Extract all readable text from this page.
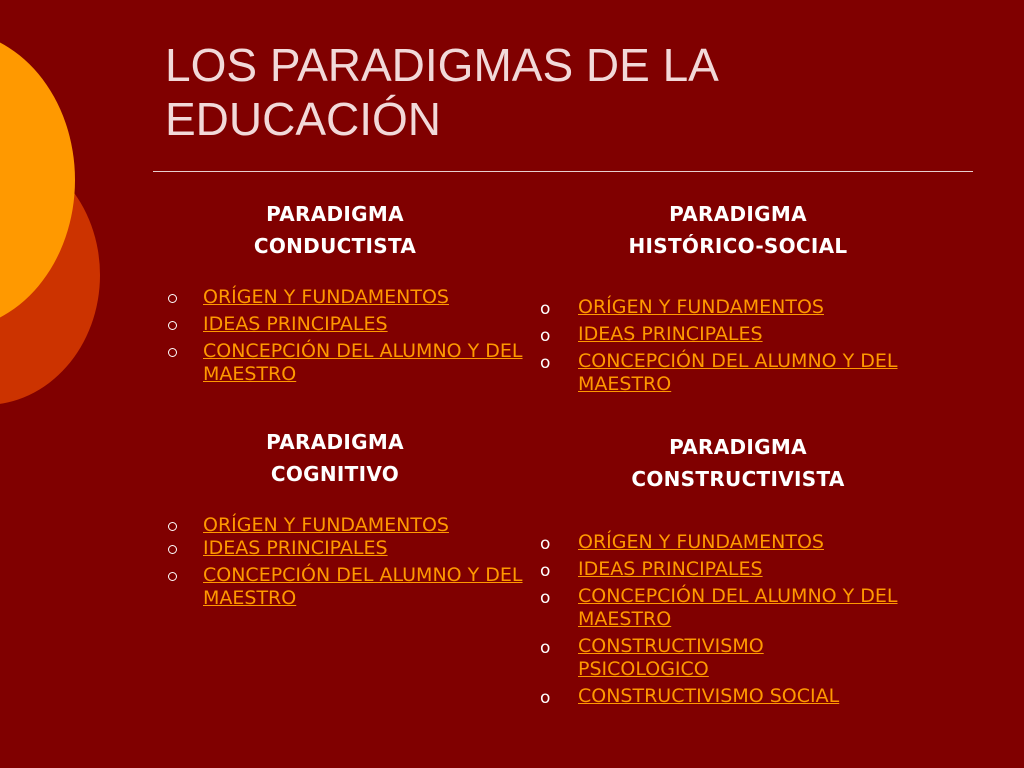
LOS PARADIGMAS DE LA
EDUCACIÓN
PARADIGMA
CONDUCTISTA
ORÍGEN Y FUNDAMENTOS
IDEAS PRINCIPALES
CONCEPCIÓN DEL ALUMNO Y DEL MAESTRO
PARADIGMA
HISTÓRICO-SOCIAL
o ORÍGEN Y FUNDAMENTOS
o IDEAS PRINCIPALES
o CONCEPCIÓN DEL ALUMNO Y DEL MAESTRO
PARADIGMA
COGNITIVO
ORÍGEN Y FUNDAMENTOS
IDEAS PRINCIPALES
CONCEPCIÓN DEL ALUMNO Y DEL MAESTRO
PARADIGMA
CONSTRUCTIVISTA
o ORÍGEN Y FUNDAMENTOS
o IDEAS PRINCIPALES
o CONCEPCIÓN DEL ALUMNO Y DEL MAESTRO
o CONSTRUCTIVISMO PSICOLOGICO
o CONSTRUCTIVISMO SOCIAL
